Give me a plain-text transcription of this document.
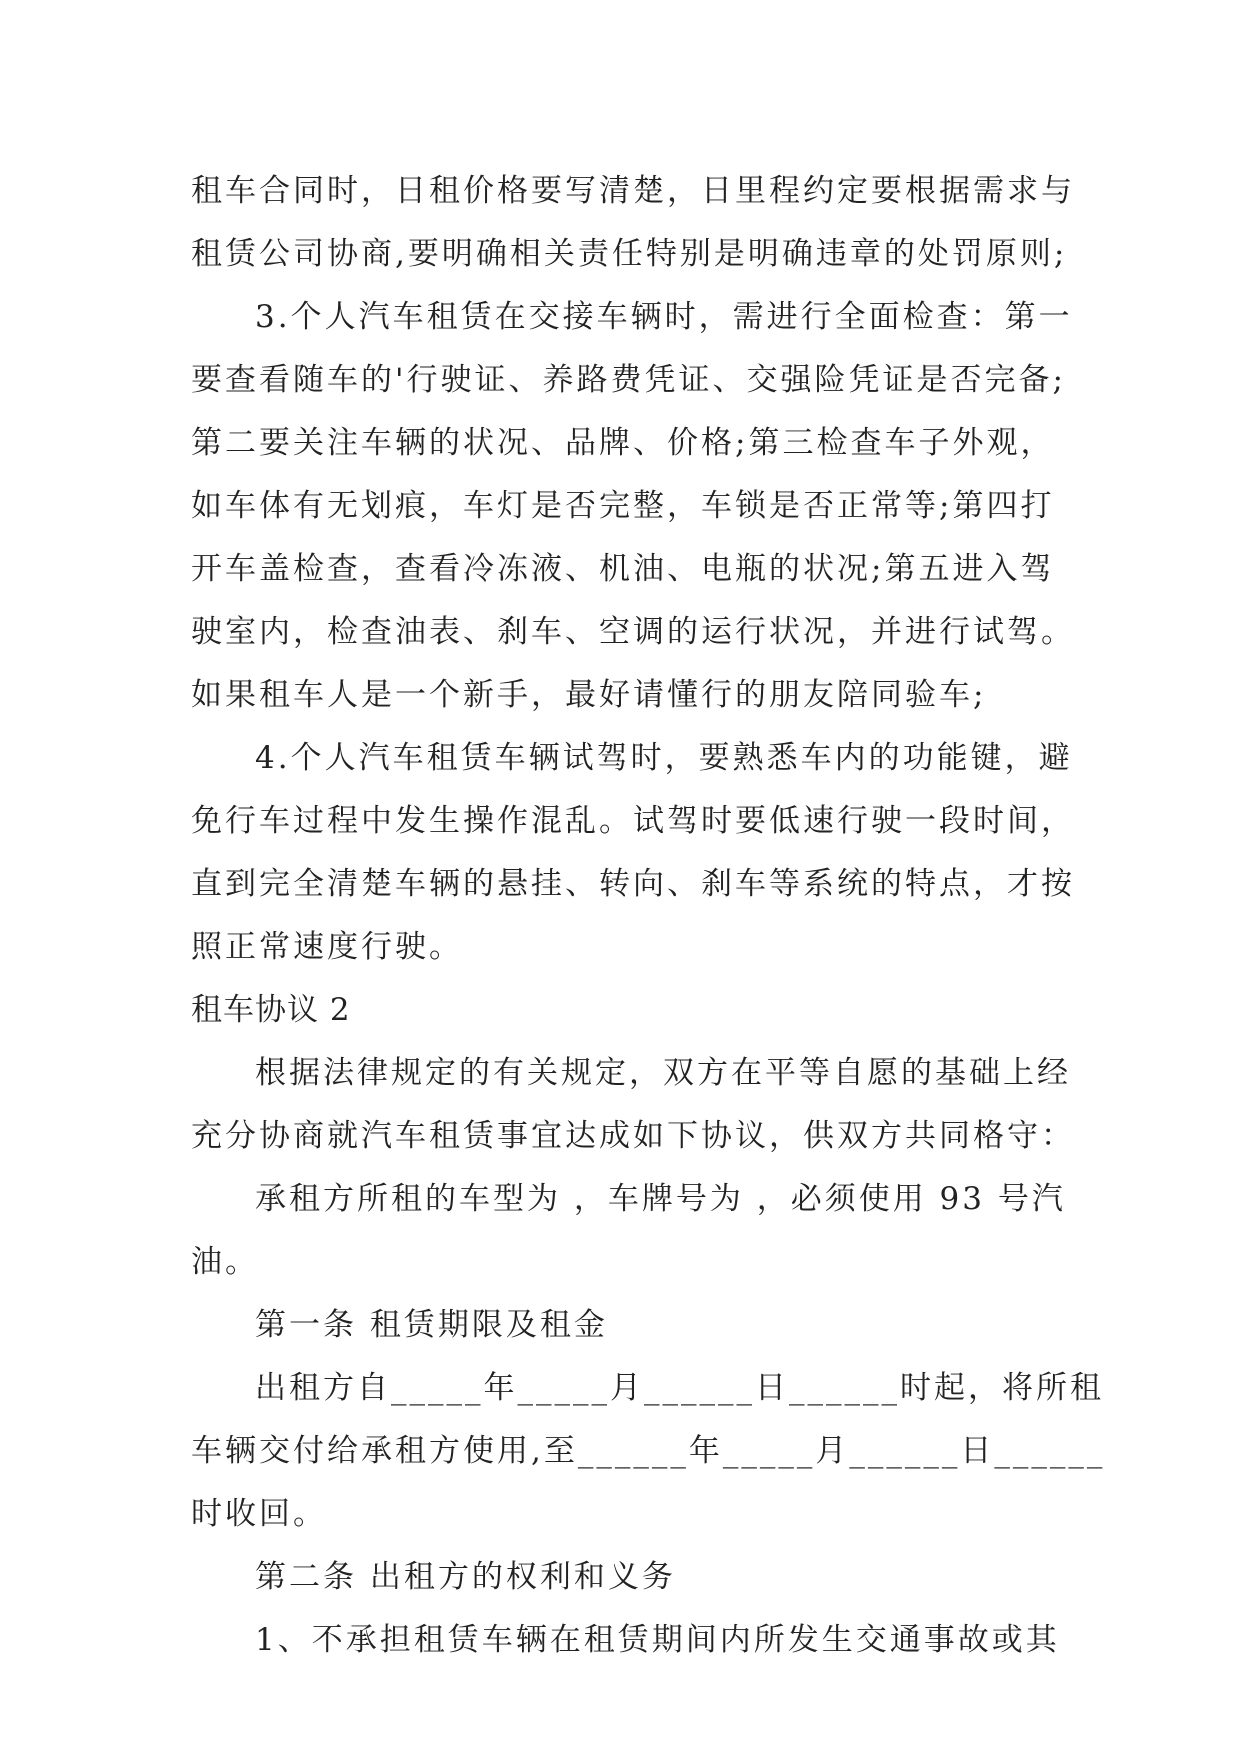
租车合同时，日租价格要写清楚，日里程约定要根据需求与
租赁公司协商,要明确相关责任特别是明确违章的处罚原则;
3.个人汽车租赁在交接车辆时，需进行全面检查：第一
要查看随车的'行驶证、养路费凭证、交强险凭证是否完备;
第二要关注车辆的状况、品牌、价格;第三检查车子外观，
如车体有无划痕，车灯是否完整，车锁是否正常等;第四打
开车盖检查，查看冷冻液、机油、电瓶的状况;第五进入驾
驶室内，检查油表、刹车、空调的运行状况，并进行试驾。
如果租车人是一个新手，最好请懂行的朋友陪同验车;
4.个人汽车租赁车辆试驾时，要熟悉车内的功能键，避
免行车过程中发生操作混乱。试驾时要低速行驶一段时间，
直到完全清楚车辆的悬挂、转向、刹车等系统的特点，才按
照正常速度行驶。
租车协议 2
根据法律规定的有关规定，双方在平等自愿的基础上经
充分协商就汽车租赁事宜达成如下协议，供双方共同格守：
承租方所租的车型为 ，车牌号为 ，必须使用 93 号汽
油。
第一条 租赁期限及租金
出租方自_____年_____月______日______时起，将所租
车辆交付给承租方使用,至______年_____月______日______
时收回。
第二条 出租方的权利和义务
1、不承担租赁车辆在租赁期间内所发生交通事故或其
